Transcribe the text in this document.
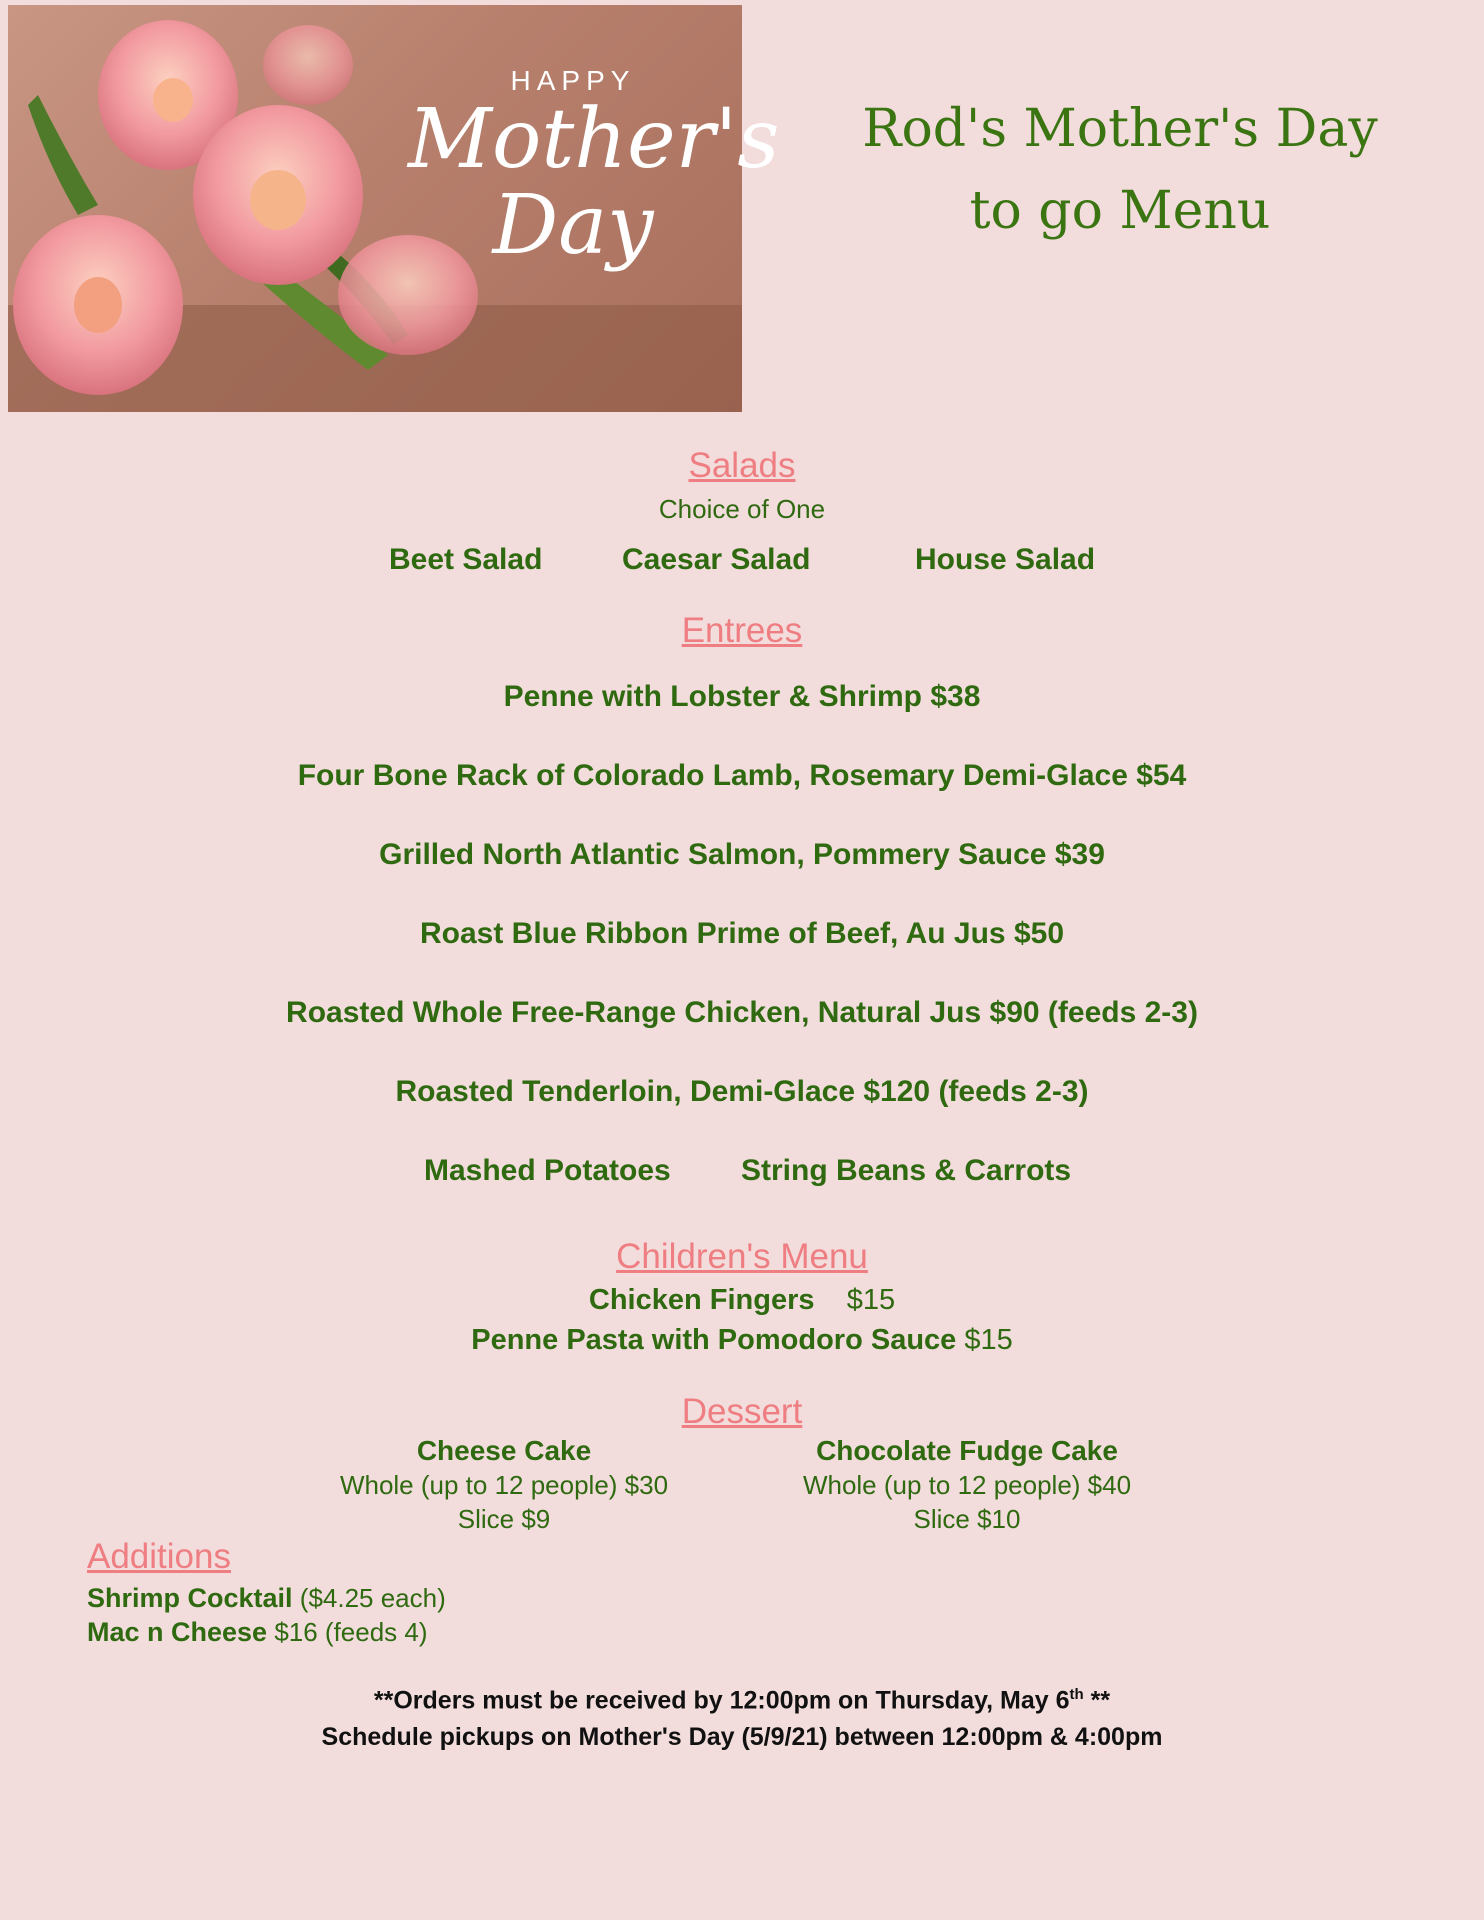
HAPPY
Mother's
Day
Rod's Mother's Day
to go Menu
Salads
Choice of One
Beet Salad	Caesar Salad	House Salad
Entrees
Penne with Lobster & Shrimp $38
Four Bone Rack of Colorado Lamb, Rosemary Demi-Glace $54
Grilled North Atlantic Salmon, Pommery Sauce $39
Roast Blue Ribbon Prime of Beef, Au Jus $50
Roasted Whole Free-Range Chicken, Natural Jus $90 (feeds 2-3)
Roasted Tenderloin, Demi-Glace $120 (feeds 2-3)
Mashed Potatoes String Beans & Carrots
Children's Menu
Chicken Fingers $15
Penne Pasta with Pomodoro Sauce $15
Dessert
Cheese Cake
Whole (up to 12 people) $30
Slice $9
Chocolate Fudge Cake
Whole (up to 12 people) $40
Slice $10
Additions
Shrimp Cocktail ($4.25 each)
Mac n Cheese $16 (feeds 4)
**Orders must be received by 12:00pm on Thursday, May 6th **
Schedule pickups on Mother's Day (5/9/21) between 12:00pm & 4:00pm
